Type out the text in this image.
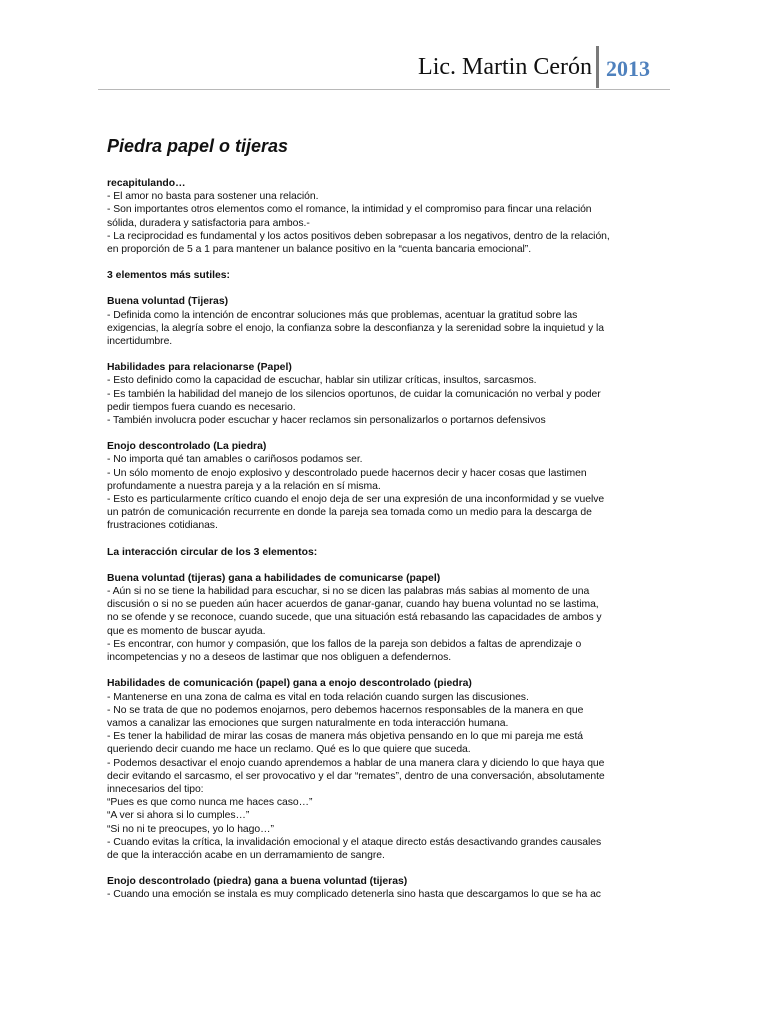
Lic. Martin Cerón 2013
Piedra papel o tijeras
recapitulando…
- El amor no basta para sostener una relación.
- Son importantes otros elementos como el romance, la intimidad y el compromiso para fincar una relación
sólida, duradera y satisfactoria para ambos.-
- La reciprocidad es fundamental y los actos positivos deben sobrepasar a los negativos, dentro de la relación,
en proporción de 5 a 1 para mantener un balance positivo en la “cuenta bancaria emocional”.
3 elementos más sutiles:
Buena voluntad (Tijeras)
- Definida como la intención de encontrar soluciones más que problemas, acentuar la gratitud sobre las
exigencias, la alegría sobre el enojo, la confianza sobre la desconfianza y la serenidad sobre la inquietud y la
incertidumbre.
Habilidades para relacionarse (Papel)
- Esto definido como la capacidad de escuchar, hablar sin utilizar críticas, insultos, sarcasmos.
- Es también la habilidad del manejo de los silencios oportunos, de cuidar la comunicación no verbal y poder
pedir tiempos fuera cuando es necesario.
- También involucra poder escuchar y hacer reclamos sin personalizarlos o portarnos defensivos
Enojo descontrolado (La piedra)
- No importa qué tan amables o cariñosos podamos ser.
- Un sólo momento de enojo explosivo y descontrolado puede hacernos decir y hacer cosas que lastimen
profundamente a nuestra pareja y a la relación en sí misma.
- Esto es particularmente crítico cuando el enojo deja de ser una expresión de una inconformidad y se vuelve
un patrón de comunicación recurrente en donde la pareja sea tomada como un medio para la descarga de
frustraciones cotidianas.
La interacción circular de los 3 elementos:
Buena voluntad (tijeras) gana a habilidades de comunicarse (papel)
- Aún si no se tiene la habilidad para escuchar, si no se dicen las palabras más sabias al momento de una
discusión o si no se pueden aún hacer acuerdos de ganar-ganar, cuando hay buena voluntad no se lastima,
no se ofende y se reconoce, cuando sucede, que una situación está rebasando las capacidades de ambos y
que es momento de buscar ayuda.
- Es encontrar, con humor y compasión, que los fallos de la pareja son debidos a faltas de aprendizaje o
incompetencias y no a deseos de lastimar que nos obliguen a defendernos.
Habilidades de comunicación (papel) gana a enojo descontrolado (piedra)
- Mantenerse en una zona de calma es vital en toda relación cuando surgen las discusiones.
- No se trata de que no podemos enojarnos, pero debemos hacernos responsables de la manera en que
vamos a canalizar las emociones que surgen naturalmente en toda interacción humana.
- Es tener la habilidad de mirar las cosas de manera más objetiva pensando en lo que mi pareja me está
queriendo decir cuando me hace un reclamo. Qué es lo que quiere que suceda.
- Podemos desactivar el enojo cuando aprendemos a hablar de una manera clara y diciendo lo que haya que
decir evitando el sarcasmo, el ser provocativo y el dar “remates”, dentro de una conversación, absolutamente
innecesarios del tipo:
“Pues es que como nunca me haces caso…”
“A ver si ahora si lo cumples…”
“Si no ni te preocupes, yo lo hago…”
- Cuando evitas la crítica, la invalidación emocional y el ataque directo estás desactivando grandes causales
de que la interacción acabe en un derramamiento de sangre.
Enojo descontrolado (piedra) gana a buena voluntad (tijeras)
- Cuando una emoción se instala es muy complicado detenerla sino hasta que descargamos lo que se ha ac
